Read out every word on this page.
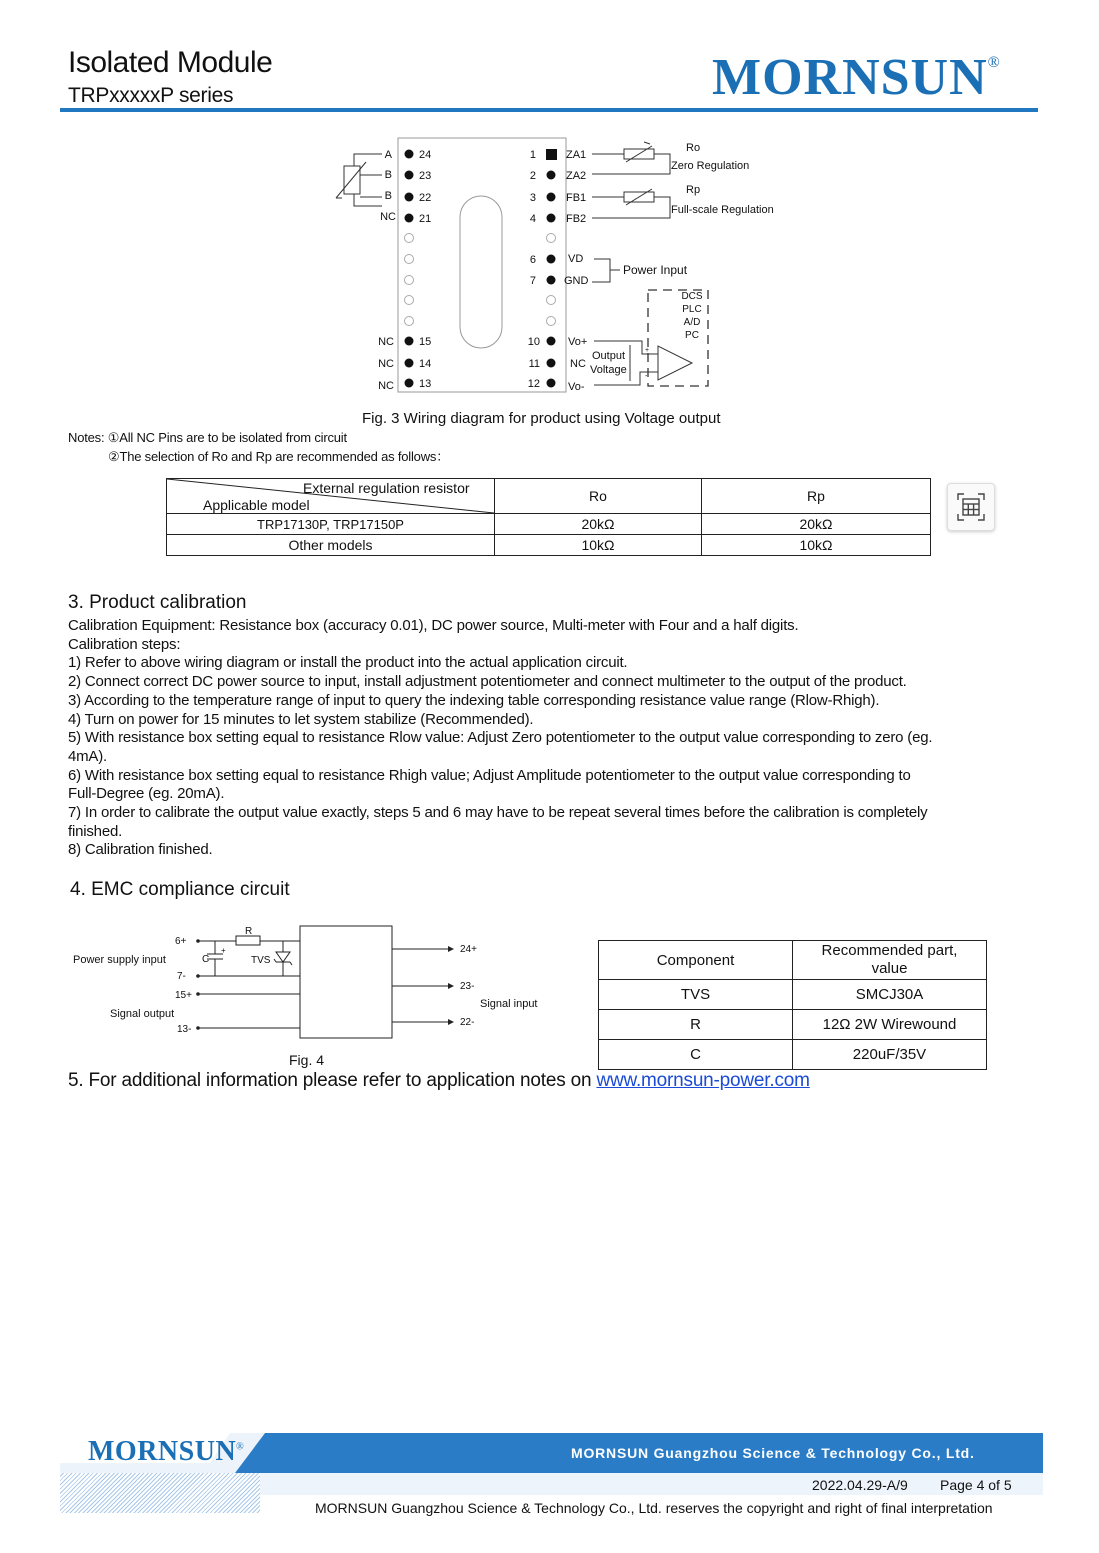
Isolated Module
TRPxxxxxP series	MORNSUN®
24
A
23
B
22
B
21
NC
15
NC
14
NC
13
NC
1	ZA1
2	ZA2
3	FB1
4	FB2
6	VD
7	GND
10	Vo+
11	NC
12	Vo-
Ro
Zero Regulation
Rp
Full-scale Regulation
Power Input
DCS
PLC
A/D
PC
+
-
Output
Voltage
Fig. 3 Wiring diagram for product using Voltage output
Notes: ①All NC Pins are to be isolated from circuit
②The selection of Ro and Rp are recommended as follows：
External regulation resistor
Applicable model	Ro	Rp
TRP17130P, TRP17150P	20kΩ	20kΩ
Other models	10kΩ	10kΩ
3. Product calibration
Calibration Equipment: Resistance box (accuracy 0.01), DC power source, Multi-meter with Four and a half digits.
Calibration steps:
1) Refer to above wiring diagram or install the product into the actual application circuit.
2) Connect correct DC power source to input, install adjustment potentiometer and connect multimeter to the output of the product.
3) According to the temperature range of input to query the indexing table corresponding resistance value range (Rlow-Rhigh).
4) Turn on power for 15 minutes to let system stabilize (Recommended).
5) With resistance box setting equal to resistance Rlow value: Adjust Zero potentiometer to the output value corresponding to zero (eg.
4mA).
6) With resistance box setting equal to resistance Rhigh value; Adjust Amplitude potentiometer to the output value corresponding to
Full-Degree (eg. 20mA).
7) In order to calibrate the output value exactly, steps 5 and 6 may have to be repeat several times before the calibration is completely
finished.
8) Calibration finished.
4. EMC compliance circuit
6+
7-
15+
13-
Power supply input
Signal output
R
C
+
TVS
24+
23-
22-
Signal input
Fig. 4
Component	Recommended part,
value

TVS	SMCJ30A
R	12Ω 2W Wirewound
C	220uF/35V
5. For additional information please refer to application notes on www.mornsun-power.com
MORNSUN®	MORNSUN Guangzhou Science & Technology Co., Ltd.
2022.04.29-A/9 Page 4 of 5
MORNSUN Guangzhou Science & Technology Co., Ltd. reserves the copyright and right of final interpretation
